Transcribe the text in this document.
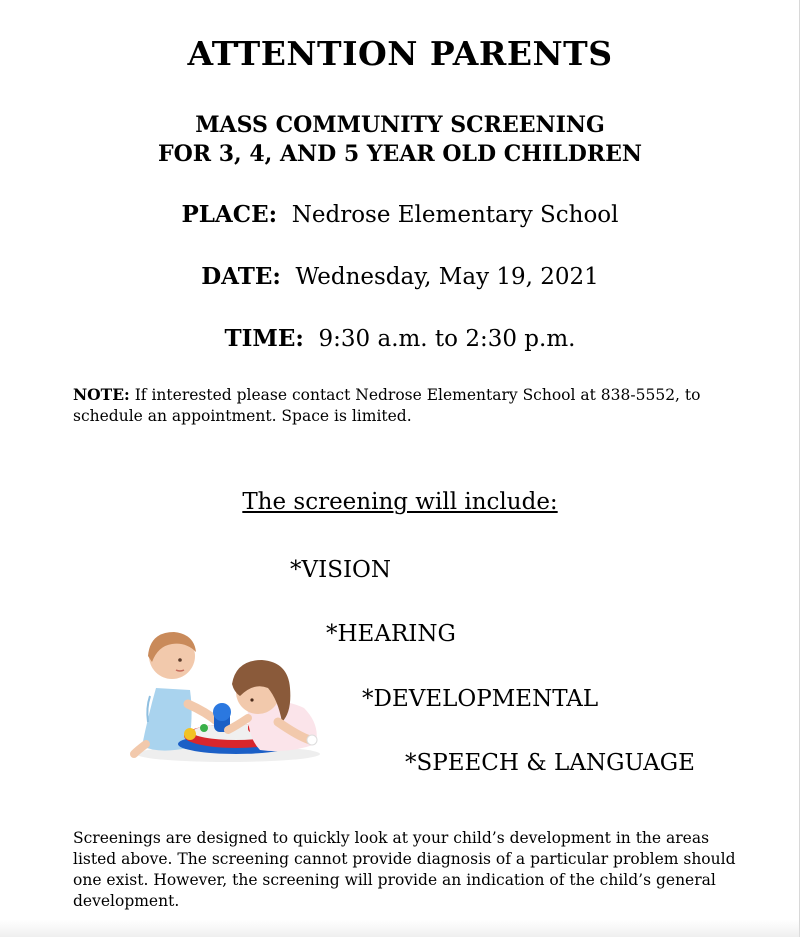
ATTENTION PARENTS
MASS COMMUNITY SCREENING
FOR 3, 4, AND 5 YEAR OLD CHILDREN
PLACE: Nedrose Elementary School
DATE: Wednesday, May 19, 2021
TIME: 9:30 a.m. to 2:30 p.m.
NOTE: If interested please contact Nedrose Elementary School at 838-5552, to schedule an appointment. Space is limited.
The screening will include:
*VISION
*HEARING
*DEVELOPMENTAL
*SPEECH & LANGUAGE
Screenings are designed to quickly look at your child’s development in the areas listed above. The screening cannot provide diagnosis of a particular problem should one exist. However, the screening will provide an indication of the child’s general development.
